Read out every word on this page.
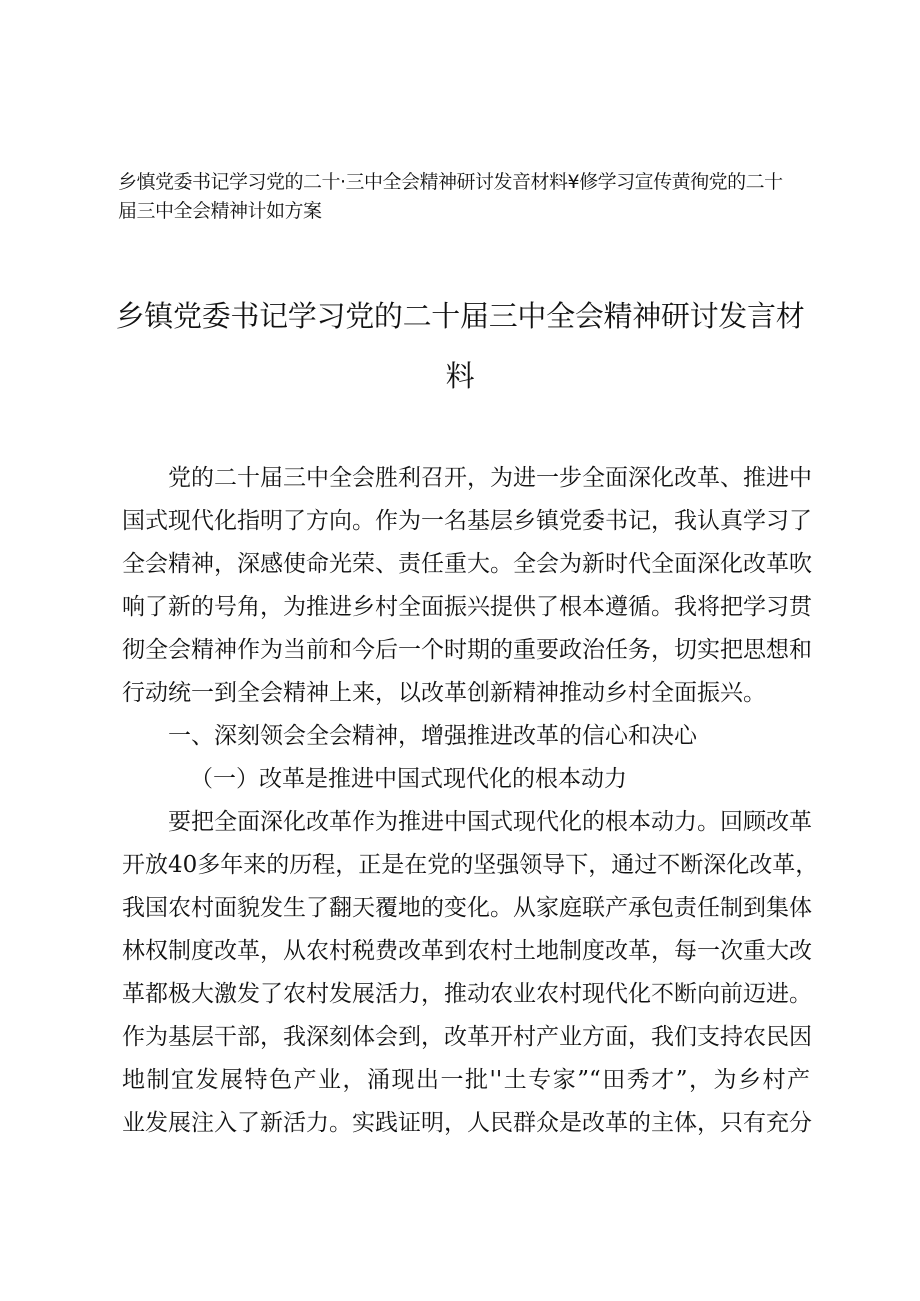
乡慎党委书记学习党的二十·三中全会精神研讨发音材料¥修学习宣传黄徇党的二十
届三中全会精神计如方案
乡镇党委书记学习党的二十届三中全会精神研讨发言材
料
党的二十届三中全会胜利召开，为进一步全面深化改革、推进中
国式现代化指明了方向。作为一名基层乡镇党委书记，我认真学习了
全会精神，深感使命光荣、责任重大。全会为新时代全面深化改革吹
响了新的号角，为推进乡村全面振兴提供了根本遵循。我将把学习贯
彻全会精神作为当前和今后一个时期的重要政治任务，切实把思想和
行动统一到全会精神上来，以改革创新精神推动乡村全面振兴。
一、深刻领会全会精神，增强推进改革的信心和决心
（一）改革是推进中国式现代化的根本动力
要把全面深化改革作为推进中国式现代化的根本动力。回顾改革
开放40多年来的历程，正是在党的坚强领导下，通过不断深化改革，
我国农村面貌发生了翻天覆地的变化。从家庭联产承包责任制到集体
林权制度改革，从农村税费改革到农村土地制度改革，每一次重大改
革都极大激发了农村发展活力，推动农业农村现代化不断向前迈进。
作为基层干部，我深刻体会到，改革开村产业方面，我们支持农民因
地制宜发展特色产业，涌现出一批''土专家”“田秀才”，为乡村产
业发展注入了新活力。实践证明，人民群众是改革的主体，只有充分
